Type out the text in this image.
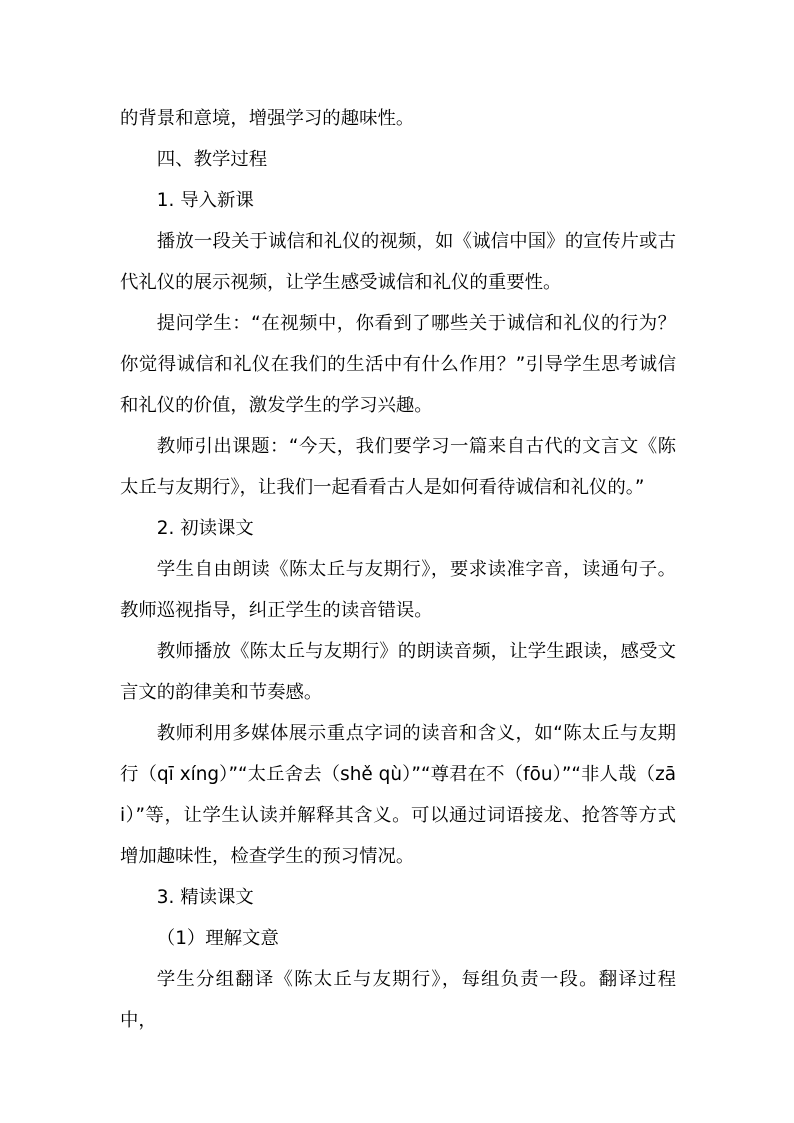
的背景和意境，增强学习的趣味性。

四、教学过程

1. 导入新课

播放一段关于诚信和礼仪的视频，如《诚信中国》的宣传片或古代礼仪的展示视频，让学生感受诚信和礼仪的重要性。

提问学生：“在视频中，你看到了哪些关于诚信和礼仪的行为？你觉得诚信和礼仪在我们的生活中有什么作用？”引导学生思考诚信和礼仪的价值，激发学生的学习兴趣。

教师引出课题：“今天，我们要学习一篇来自古代的文言文《陈太丘与友期行》，让我们一起看看古人是如何看待诚信和礼仪的。”

2. 初读课文

学生自由朗读《陈太丘与友期行》，要求读准字音，读通句子。教师巡视指导，纠正学生的读音错误。

教师播放《陈太丘与友期行》的朗读音频，让学生跟读，感受文言文的韵律美和节奏感。

教师利用多媒体展示重点字词的读音和含义，如“陈太丘与友期行（qī xíng）”“太丘舍去（shě qù）”“尊君在不（fōu）”“非人哉（zāi）”等，让学生认读并解释其含义。可以通过词语接龙、抢答等方式增加趣味性，检查学生的预习情况。

3. 精读课文

（1）理解文意

学生分组翻译《陈太丘与友期行》，每组负责一段。翻译过程中，
